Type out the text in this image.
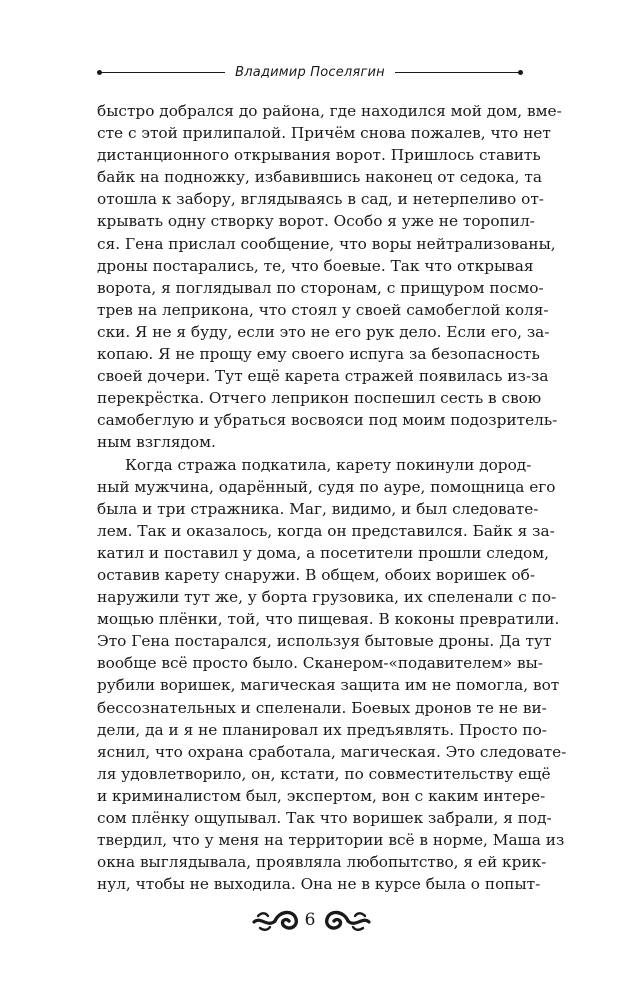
Владимир Поселягин
быстро добрался до района, где находился мой дом, вме-
сте с этой прилипалой. Причём снова пожалев, что нет
дистанционного открывания ворот. Пришлось ставить
байк на подножку, избавившись наконец от седока, та
отошла к забору, вглядываясь в сад, и нетерпеливо от-
крывать одну створку ворот. Особо я уже не торопил-
ся. Гена прислал сообщение, что воры нейтрализованы,
дроны постарались, те, что боевые. Так что открывая
ворота, я поглядывал по сторонам, с прищуром посмо-
трев на леприкона, что стоял у своей самобеглой коля-
ски. Я не я буду, если это не его рук дело. Если его, за-
копаю. Я не прощу ему своего испуга за безопасность
своей дочери. Тут ещё карета стражей появилась из-за
перекрёстка. Отчего леприкон поспешил сесть в свою
самобеглую и убраться восвояси под моим подозритель-
ным взглядом.
Когда стража подкатила, карету покинули дород-
ный мужчина, одарённый, судя по ауре, помощница его
была и три стражника. Маг, видимо, и был следовате-
лем. Так и оказалось, когда он представился. Байк я за-
катил и поставил у дома, а посетители прошли следом,
оставив карету снаружи. В общем, обоих воришек об-
наружили тут же, у борта грузовика, их спеленали с по-
мощью плёнки, той, что пищевая. В коконы превратили.
Это Гена постарался, используя бытовые дроны. Да тут
вообще всё просто было. Сканером-«подавителем» вы-
рубили воришек, магическая защита им не помогла, вот
бессознательных и спеленали. Боевых дронов те не ви-
дели, да и я не планировал их предъявлять. Просто по-
яснил, что охрана сработала, магическая. Это следовате-
ля удовлетворило, он, кстати, по совместительству ещё
и криминалистом был, экспертом, вон с каким интере-
сом плёнку ощупывал. Так что воришек забрали, я под-
твердил, что у меня на территории всё в норме, Маша из
окна выглядывала, проявляла любопытство, я ей крик-
нул, чтобы не выходила. Она не в курсе была о попыт-
6
